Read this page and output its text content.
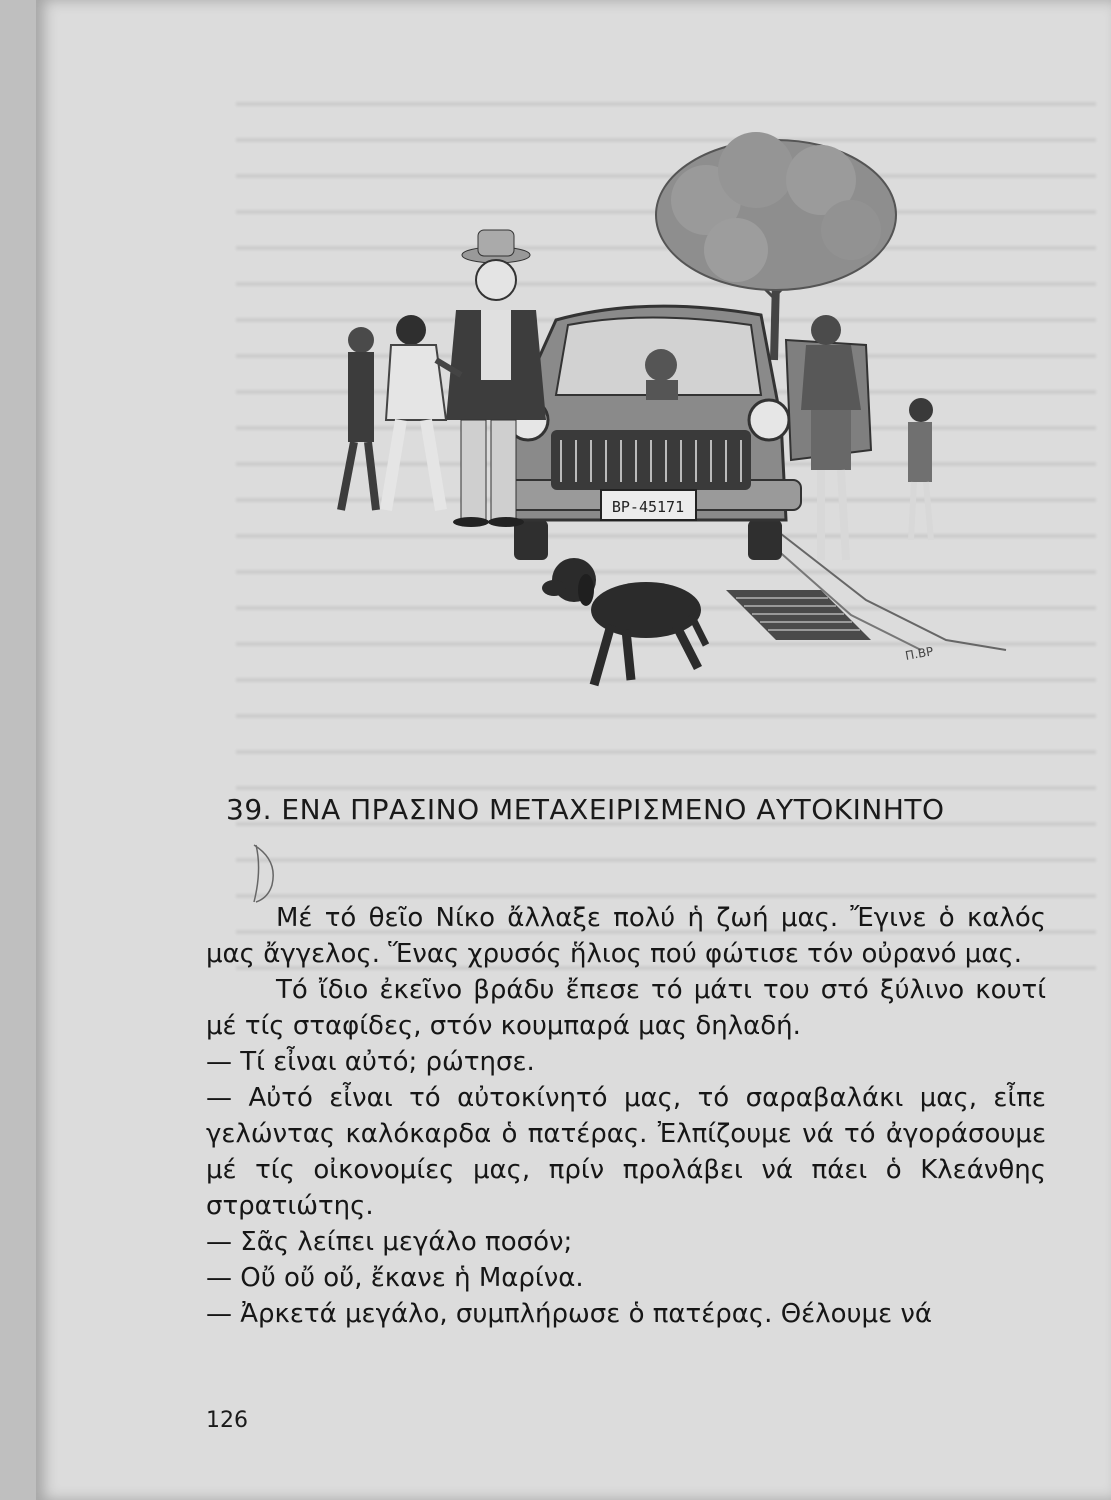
ΒΡ-45171
Π.ΒΡ
39. ΕΝΑ ΠΡΑΣΙΝΟ ΜΕΤΑΧΕΙΡΙΣΜΕΝΟ ΑΥΤΟΚΙΝΗΤΟ

Μέ τό θεῖο Νίκο ἄλλαξε πολύ ἡ ζωή μας. Ἔγινε ὁ καλός μας ἄγγελος. Ἕνας χρυσός ἥλιος πού φώτισε τόν οὐρανό μας.

Τό ἴδιο ἐκεῖνο βράδυ ἔπεσε τό μάτι του στό ξύλινο κουτί μέ τίς σταφίδες, στόν κουμπαρά μας δηλαδή.

— Τί εἶναι αὐτό; ρώτησε.

— Αὐτό εἶναι τό αὐτοκίνητό μας, τό σαραβαλάκι μας, εἶπε γελώντας καλόκαρδα ὁ πατέρας. Ἐλπίζουμε νά τό ἀγοράσουμε μέ τίς οἰκονομίες μας, πρίν προλάβει νά πάει ὁ Κλεάνθης στρατιώτης.

— Σᾶς λείπει μεγάλο ποσόν;

— Οὔ οὔ οὔ, ἔκανε ἡ Μαρίνα.

— Ἀρκετά μεγάλο, συμπλήρωσε ὁ πατέρας. Θέλουμε νά

126
